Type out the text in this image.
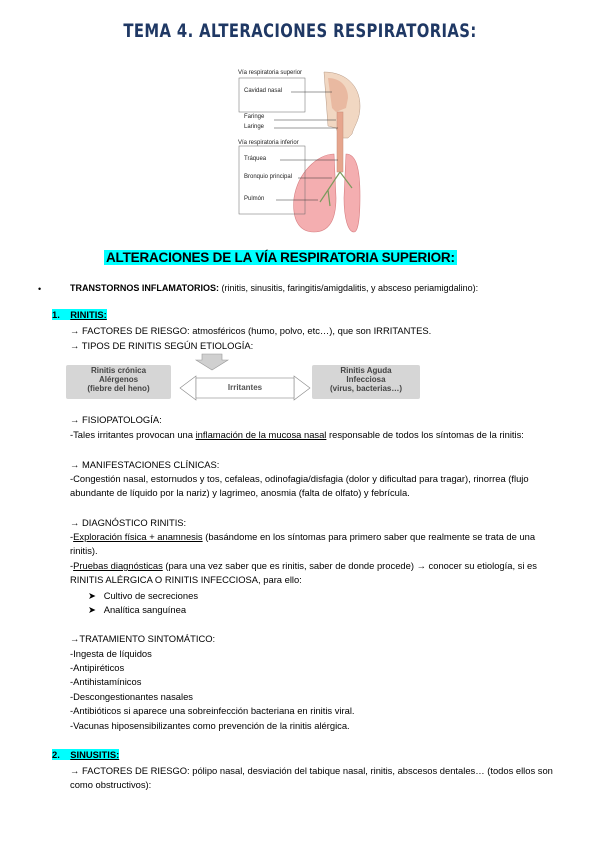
TEMA 4. ALTERACIONES RESPIRATORIAS:
Vía respiratoria superior
Cavidad nasal
Faringe
Laringe
Vía respiratoria inferior
Tráquea
Bronquio principal
Pulmón
ALTERACIONES DE LA VÍA RESPIRATORIA SUPERIOR:
•	TRANSTORNOS INFLAMATORIOS: (rinitis, sinusitis, faringitis/amigdalitis, y absceso periamigdalino):
1. RINITIS:
→ FACTORES DE RIESGO: atmosféricos (humo, polvo, etc…), que son IRRITANTES.
→ TIPOS DE RINITIS SEGÚN ETIOLOGÍA:
Rinitis crónica
Alérgenos
(fiebre del heno)	Irritantes
Rinitis Aguda
Infecciosa
(virus, bacterias…)
→ FISIOPATOLOGÍA:
-Tales irritantes provocan una inflamación de la mucosa nasal responsable de todos los síntomas de la rinitis:
→ MANIFESTACIONES CLÍNICAS:
-Congestión nasal, estornudos y tos, cefaleas, odinofagia/disfagia (dolor y dificultad para tragar), rinorrea (flujo
abundante de líquido por la nariz) y lagrimeo, anosmia (falta de olfato) y febrícula.
→ DIAGNÓSTICO RINITIS:
-Exploración física + anamnesis (basándome en los síntomas para primero saber que realmente se trata de una
rinitis).
-Pruebas diagnósticas (para una vez saber que es rinitis, saber de donde procede) → conocer su etiología, si es
RINITIS ALÉRGICA O RINITIS INFECCIOSA, para ello:
➤ Cultivo de secreciones
➤ Analítica sanguínea
→TRATAMIENTO SINTOMÁTICO:
-Ingesta de líquidos
-Antipiréticos
-Antihistamínicos
-Descongestionantes nasales
-Antibióticos si aparece una sobreinfección bacteriana en rinitis viral.
-Vacunas hiposensibilizantes como prevención de la rinitis alérgica.
2. SINUSITIS:
→ FACTORES DE RIESGO: pólipo nasal, desviación del tabique nasal, rinitis, abscesos dentales… (todos ellos son
como obstructivos):
